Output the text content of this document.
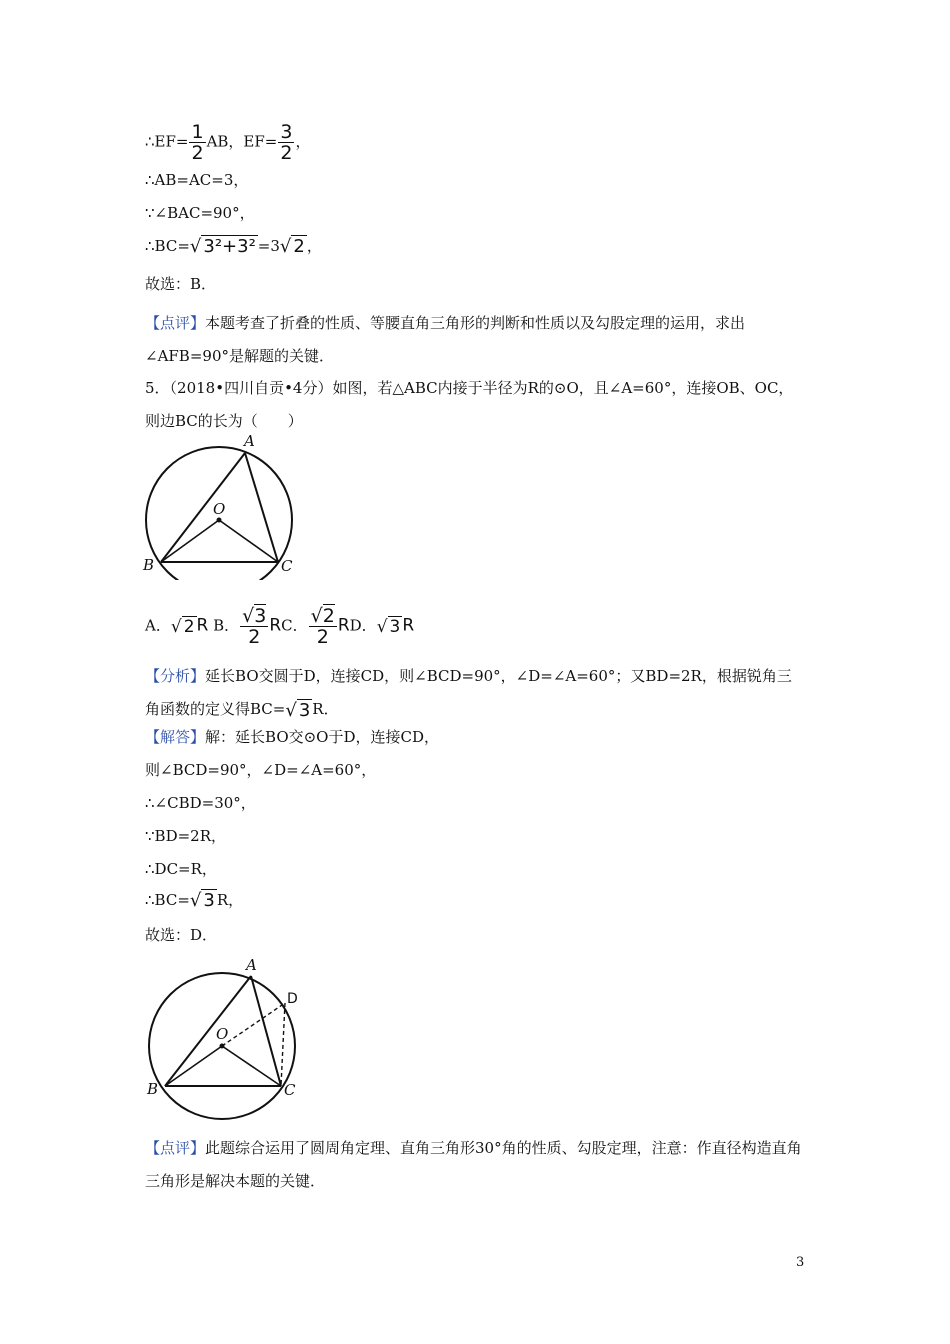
∴EF= $\frac{1}{2}$ AB，$EF= \frac{3}{2}$ ，
∴AB=AC=3，
∵∠BAC=90°，
∴BC=√ 3²+3² =3√ 2 ，
故选：B．
【点评】本题考查了折叠的性质、等腰直角三角形的判断和性质以及勾股定理的运用，求出∠AFB=90°是解题的关键．
5．（2018•四川自贡•4分）如图，若△ABC内接于半径为R的⊙O，且∠A=60°，连接OB、OC，则边BC的长为（　　）
A
O
B	C
A．√ 2 R B． $\frac{√3}{2}$ RC． $\frac{√2}{2}$ RD．√ 3 R
【分析】延长BO交圆于D，连接CD，则∠BCD=90°，∠D=∠A=60°；又BD=2R，根据锐角三角函数的定义得BC=√ 3 R．
【解答】解：延长BO交⊙O于D，连接CD，
则∠BCD=90°，∠D=∠A=60°，
∴∠CBD=30°，
∵BD=2R，
∴DC=R，
∴BC=√ 3 R，
故选：D．
A
O
B	C
D
【点评】此题综合运用了圆周角定理、直角三角形30°角的性质、勾股定理，注意：作直径构造直角三角形是解决本题的关键．
3
